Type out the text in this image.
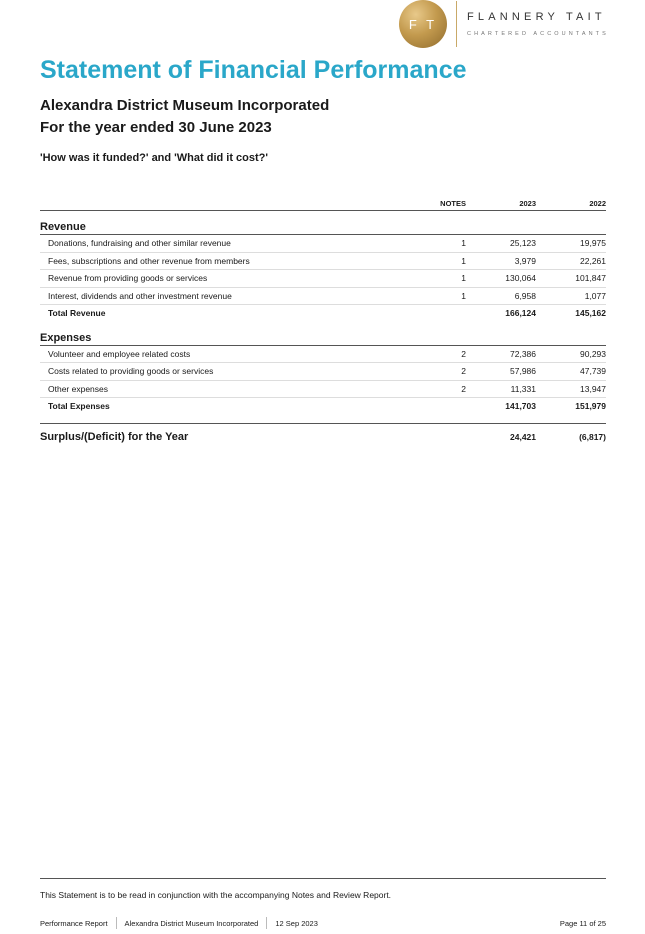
F T	FLANNERY TAIT
CHARTERED ACCOUNTANTS
Statement of Financial Performance
Alexandra District Museum Incorporated
For the year ended 30 June 2023
'How was it funded?' and 'What did it cost?'
NOTES	2023	2022
Revenue
Donations, fundraising and other similar revenue	1	25,123	19,975
Fees, subscriptions and other revenue from members	1	3,979	22,261
Revenue from providing goods or services	1	130,064	101,847
Interest, dividends and other investment revenue	1	6,958	1,077
Total Revenue	166,124	145,162
Expenses
Volunteer and employee related costs	2	72,386	90,293
Costs related to providing goods or services	2	57,986	47,739
Other expenses	2	11,331	13,947
Total Expenses	141,703	151,979
Surplus/(Deficit) for the Year	24,421	(6,817)
This Statement is to be read in conjunction with the accompanying Notes and Review Report.
Performance Report Alexandra District Museum Incorporated 12 Sep 2023	Page 11 of 25
